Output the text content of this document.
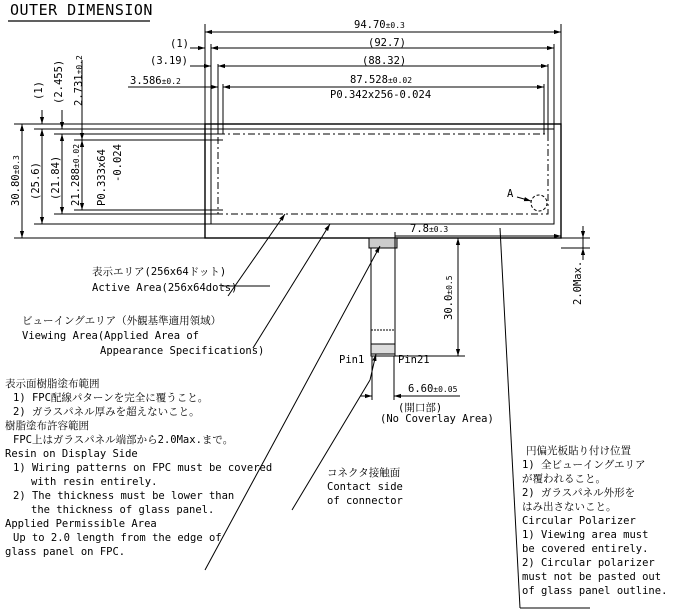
OUTER DIMENSION
94.70±0.3
(1)	(92.7)
(3.19)	(88.32)
3.586±0.2	87.528±0.02
P0.342x256-0.024
(1) (2.455) 2.731±0.2
30.80±0.3 (25.6) (21.84) 21.288±0.02 P0.333x64 -0.024
A
7.8±0.3
30.0±0.5	2.0Max.
Pin1	Pin21
6.60±0.05
(開口部)
(No Coverlay Area)
表示エリア(256x64ドット)
Active Area(256x64dots)
ビューイングエリア（外観基準適用領域）
Viewing Area(Applied Area of
Appearance Specifications)
表示面樹脂塗布範囲
1) FPC配線パターンを完全に覆うこと。
2) ガラスパネル厚みを超えないこと。
樹脂塗布許容範囲
FPC上はガラスパネル端部から2.0Max.まで。
Resin on Display Side
1) Wiring patterns on FPC must be covered
with resin entirely.
2) The thickness must be lower than
the thickness of glass panel.
Applied Permissible Area
Up to 2.0 length from the edge of
glass panel on FPC.
コネクタ接触面
Contact side
of connector
円偏光板貼り付け位置
1) 全ビューイングエリア
が覆われること。
2) ガラスパネル外形を
はみ出さないこと。
Circular Polarizer
1) Viewing area must
be covered entirely.
2) Circular polarizer
must not be pasted out
of glass panel outline.
